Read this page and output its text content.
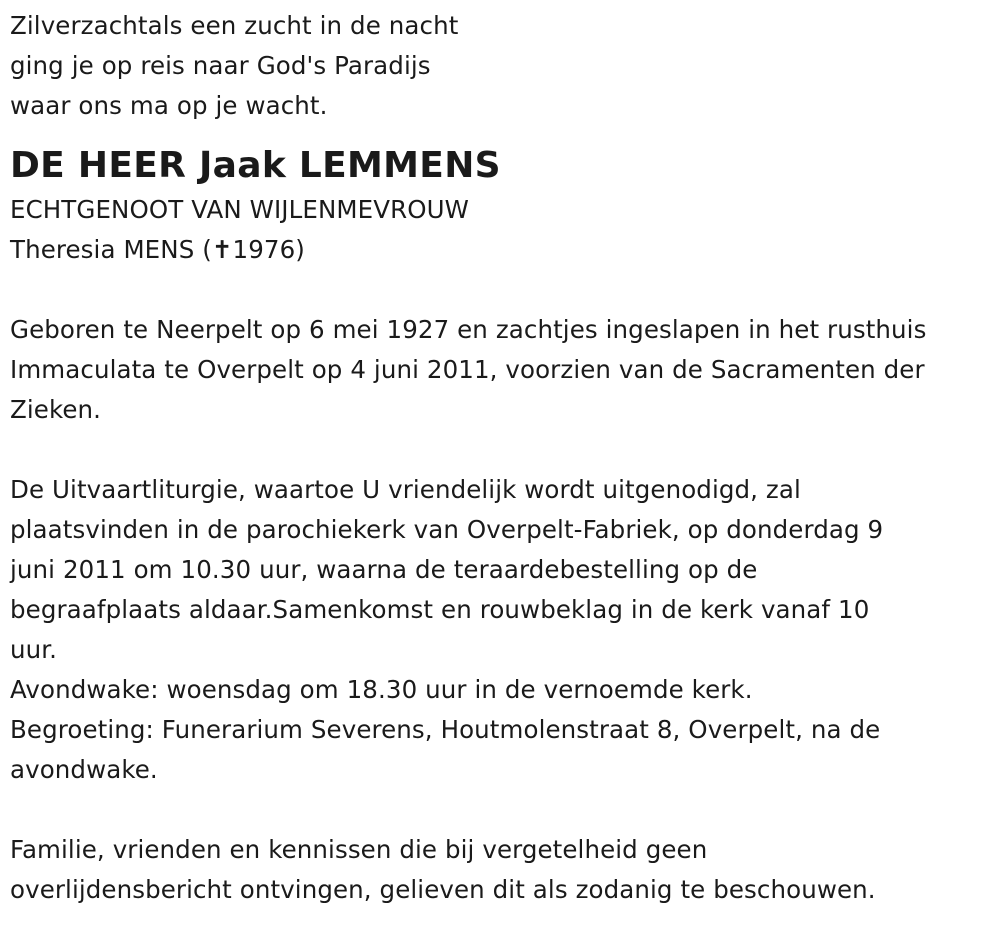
Zilverzachtals een zucht in de nacht
ging je op reis naar God's Paradijs
waar ons ma op je wacht.
DE HEER Jaak LEMMENS
ECHTGENOOT VAN WIJLENMEVROUW
Theresia MENS (✝1976)
Geboren te Neerpelt op 6 mei 1927 en zachtjes ingeslapen in het rusthuis
Immaculata te Overpelt op 4 juni 2011, voorzien van de Sacramenten der
Zieken.
De Uitvaartliturgie, waartoe U vriendelijk wordt uitgenodigd, zal
plaatsvinden in de parochiekerk van Overpelt-Fabriek, op donderdag 9
juni 2011 om 10.30 uur, waarna de teraardebestelling op de
begraafplaats aldaar.Samenkomst en rouwbeklag in de kerk vanaf 10
uur.
Avondwake: woensdag om 18.30 uur in de vernoemde kerk.
Begroeting: Funerarium Severens, Houtmolenstraat 8, Overpelt, na de
avondwake.
Familie, vrienden en kennissen die bij vergetelheid geen
overlijdensbericht ontvingen, gelieven dit als zodanig te beschouwen.
